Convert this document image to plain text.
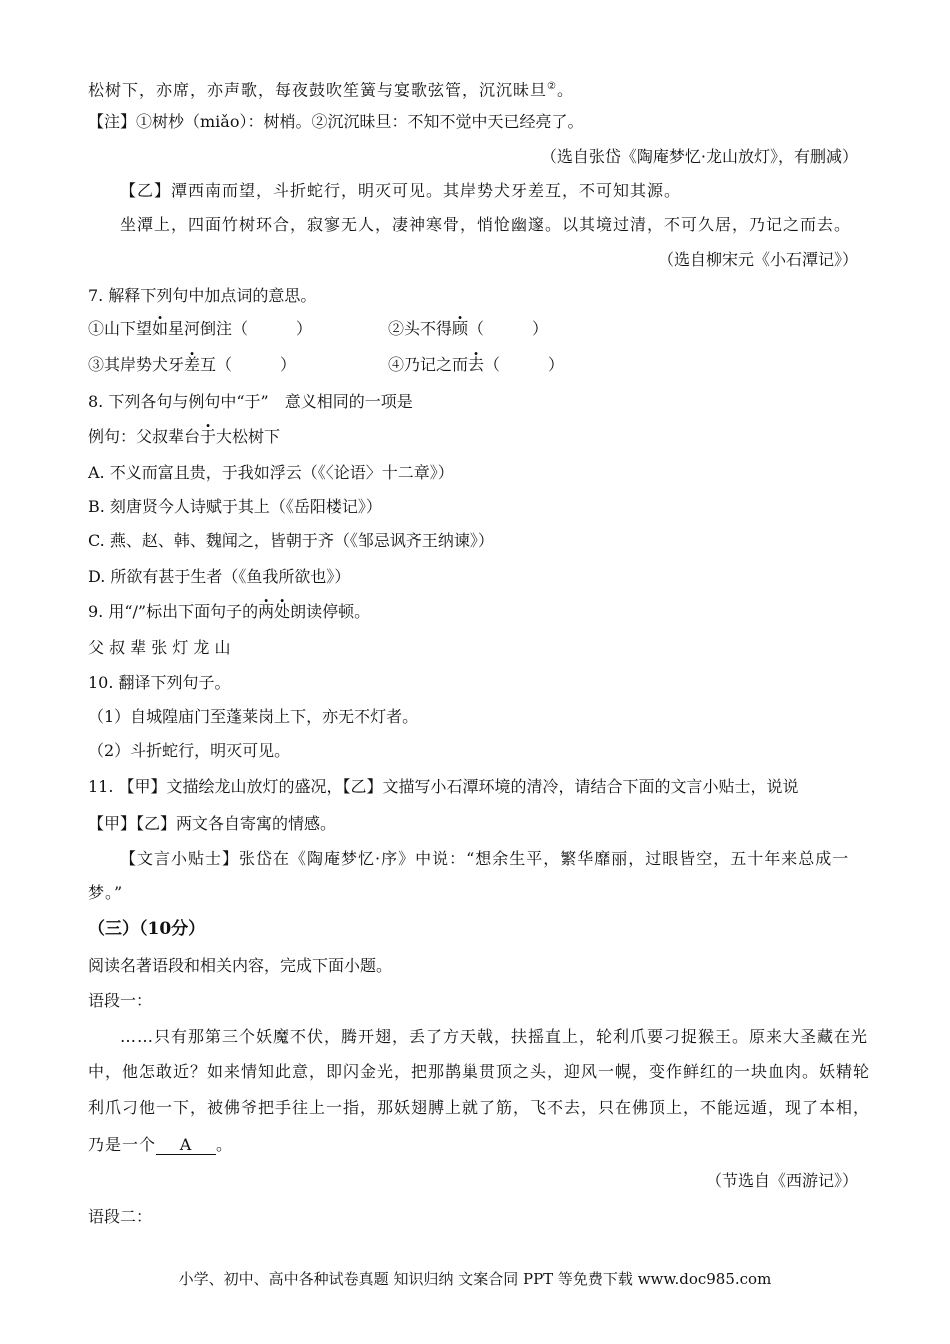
松树下，亦席，亦声歌，每夜鼓吹笙簧与宴歌弦管，沉沉昧旦②。
【注】①树杪（miǎo）：树梢。②沉沉昧旦：不知不觉中天已经亮了。
（选自张岱《陶庵梦忆·龙山放灯》，有删减）
【乙】潭西南而望，斗折蛇行，明灭可见。其岸势犬牙差互，不可知其源。
坐潭上，四面竹树环合，寂寥无人，凄神寒骨，悄怆幽邃。以其境过清，不可久居，乃记之而去。
（选自柳宋元《小石潭记》）
7. 解释下列句中加点词的意思。
①山下望如星河倒注（　　　）	②头不得顾（　　　）
③其岸势犬牙差互（　　　）	④乃记之而去（　　　）
8. 下列各句与例句中“于”　意义相同的一项是
例句：父叔辈台于大松树下
A. 不义而富且贵，于我如浮云（《〈论语〉十二章》）
B. 刻唐贤今人诗赋于其上（《岳阳楼记》）
C. 燕、赵、韩、魏闻之，皆朝于齐（《邹忌讽齐王纳谏》）
D. 所欲有甚于生者（《鱼我所欲也》）
9. 用“/”标出下面句子的两处朗读停顿。
父 叔 辈 张 灯 龙 山
10. 翻译下列句子。
（1）自城隍庙门至蓬莱岗上下，亦无不灯者。
（2）斗折蛇行，明灭可见。
11. 【甲】文描绘龙山放灯的盛况，【乙】文描写小石潭环境的清冷，请结合下面的文言小贴士，说说
【甲】【乙】两文各自寄寓的情感。
【文言小贴士】张岱在《陶庵梦忆·序》中说：“想余生平，繁华靡丽，过眼皆空，五十年来总成一
梦。”
（三）（10分）
阅读名著语段和相关内容，完成下面小题。
语段一：
……只有那第三个妖魔不伏，腾开翅，丢了方天戟，扶摇直上，轮利爪要刁捉猴王。原来大圣藏在光
中，他怎敢近？如来情知此意，即闪金光，把那鹊巢贯顶之头，迎风一幌，变作鲜红的一块血肉。妖精轮
利爪刁他一下，被佛爷把手往上一指，那妖翅膊上就了筋，飞不去，只在佛顶上，不能远遁，现了本相，
乃是一个 A 。
（节选自《西游记》）
语段二：
小学、初中、高中各种试卷真题 知识归纳 文案合同 PPT 等免费下载 www.doc985.com
